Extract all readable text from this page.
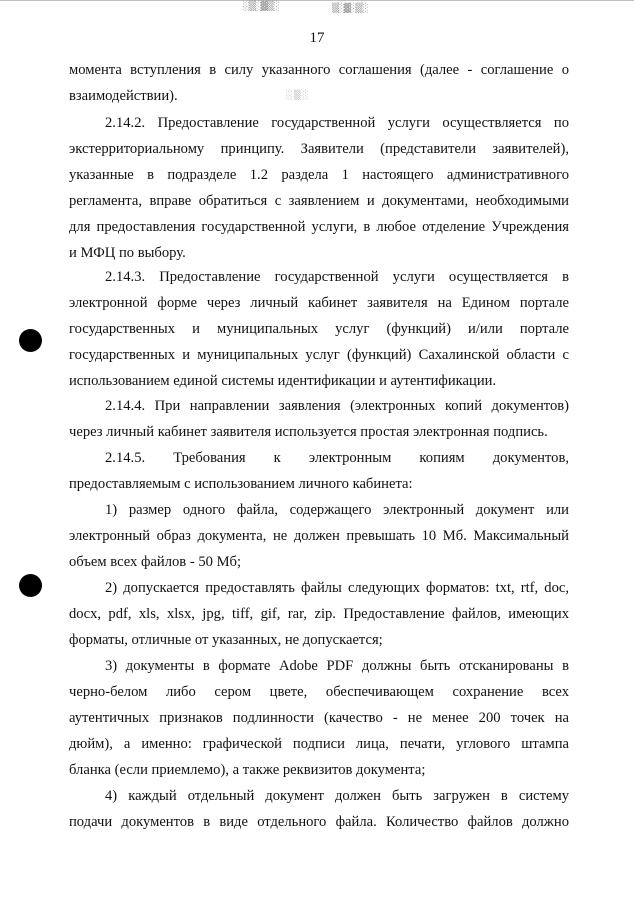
░▒░▓▒░	▒░▓░▒░
░ ▒ ░
17
момента вступления в силу указанного соглашения (далее - соглашение о
взаимодействии).
2.14.2. Предоставление государственной услуги осуществляется по
экстерриториальному принципу. Заявители (представители заявителей),
указанные в подразделе 1.2 раздела 1 настоящего административного
регламента, вправе обратиться с заявлением и документами, необходимыми
для предоставления государственной услуги, в любое отделение Учреждения
и МФЦ по выбору.
2.14.3. Предоставление государственной услуги осуществляется в
электронной форме через личный кабинет заявителя на Едином портале
государственных и муниципальных услуг (функций) и/или портале
государственных и муниципальных услуг (функций) Сахалинской области с
использованием единой системы идентификации и аутентификации.
2.14.4. При направлении заявления (электронных копий документов)
через личный кабинет заявителя используется простая электронная подпись.
2.14.5. Требования к электронным копиям документов,
предоставляемым с использованием личного кабинета:
1) размер одного файла, содержащего электронный документ или
электронный образ документа, не должен превышать 10 Мб. Максимальный
объем всех файлов - 50 Мб;
2) допускается предоставлять файлы следующих форматов: txt, rtf, doc,
docx, pdf, xls, xlsx, jpg, tiff, gif, rar, zip. Предоставление файлов, имеющих
форматы, отличные от указанных, не допускается;
3) документы в формате Adobe PDF должны быть отсканированы в
черно-белом либо сером цвете, обеспечивающем сохранение всех
аутентичных признаков подлинности (качество - не менее 200 точек на
дюйм), а именно: графической подписи лица, печати, углового штампа
бланка (если приемлемо), а также реквизитов документа;
4) каждый отдельный документ должен быть загружен в систему
подачи документов в виде отдельного файла. Количество файлов должно
